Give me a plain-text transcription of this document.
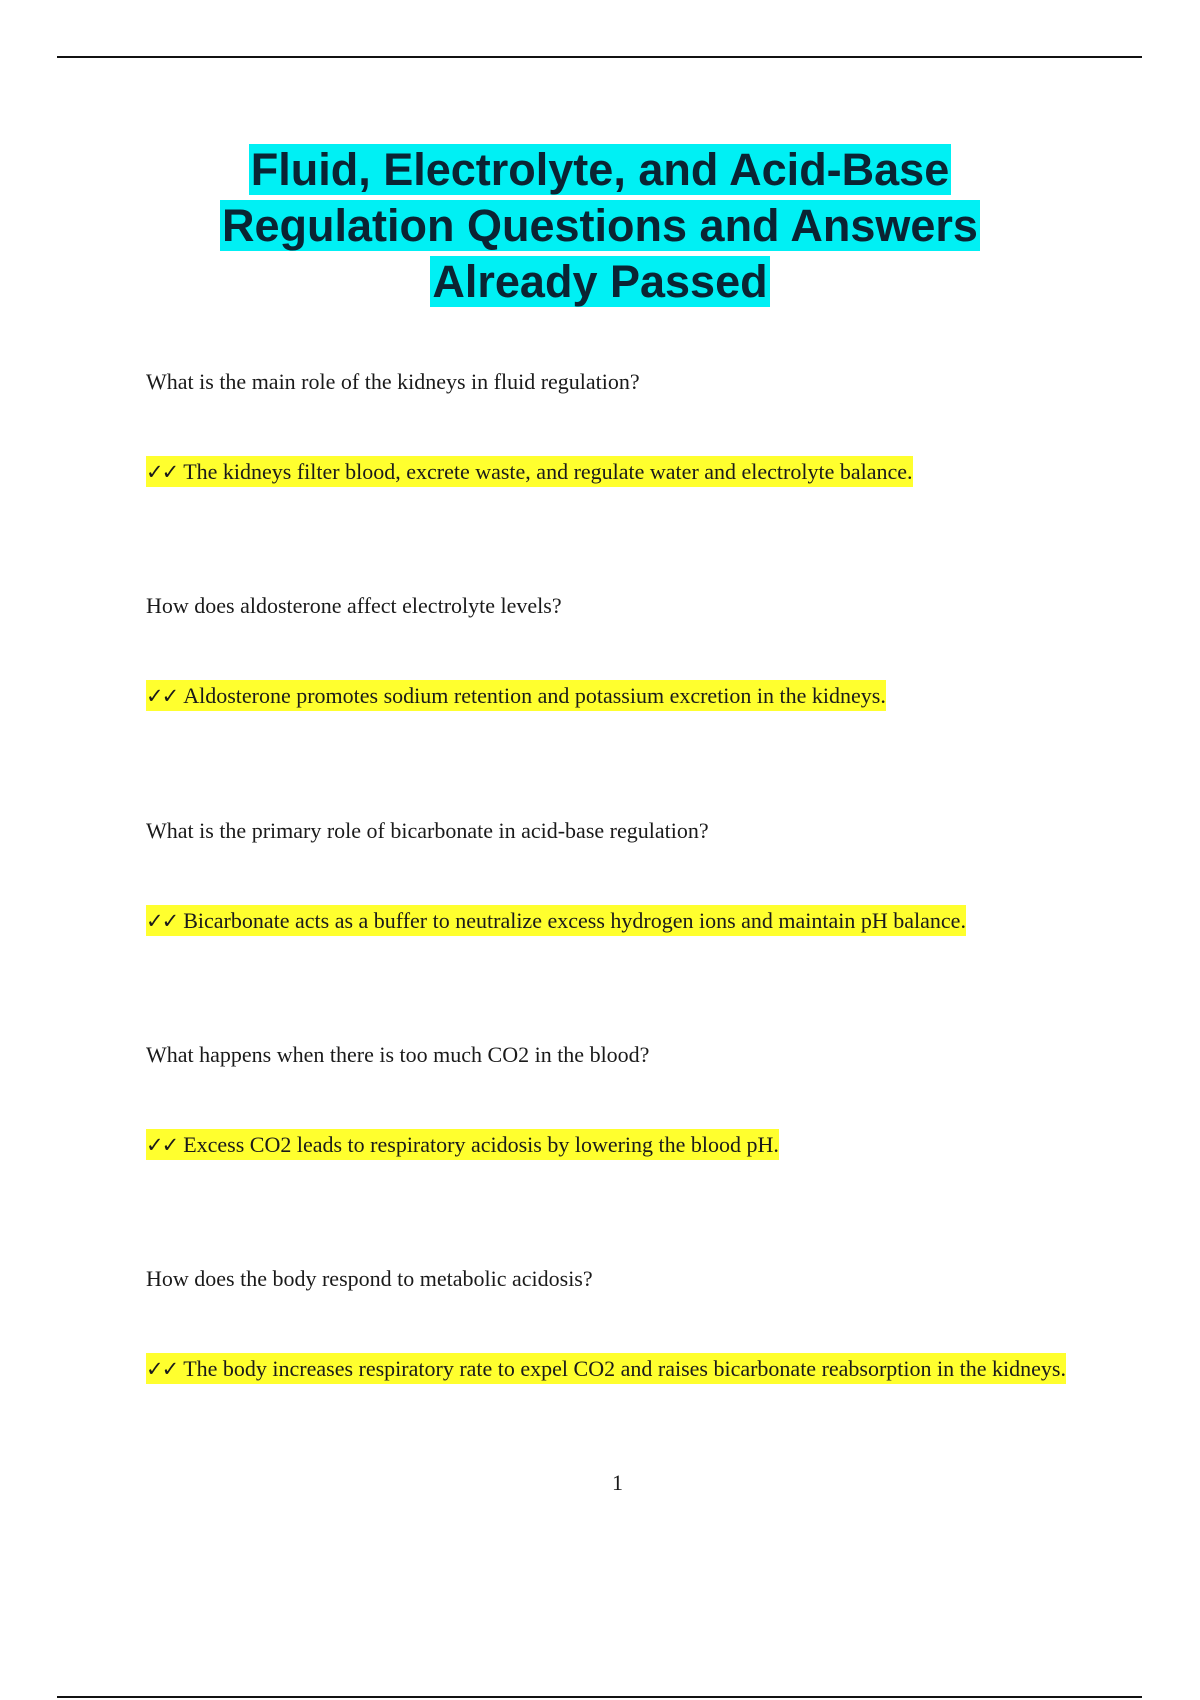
Fluid, Electrolyte, and Acid-Base
Regulation Questions and Answers
Already Passed

What is the main role of the kidneys in fluid regulation?

✓✓ The kidneys filter blood, excrete waste, and regulate water and electrolyte balance.

How does aldosterone affect electrolyte levels?

✓✓ Aldosterone promotes sodium retention and potassium excretion in the kidneys.

What is the primary role of bicarbonate in acid-base regulation?

✓✓ Bicarbonate acts as a buffer to neutralize excess hydrogen ions and maintain pH balance.

What happens when there is too much CO2 in the blood?

✓✓ Excess CO2 leads to respiratory acidosis by lowering the blood pH.

How does the body respond to metabolic acidosis?

✓✓ The body increases respiratory rate to expel CO2 and raises bicarbonate reabsorption in the kidneys.

1
